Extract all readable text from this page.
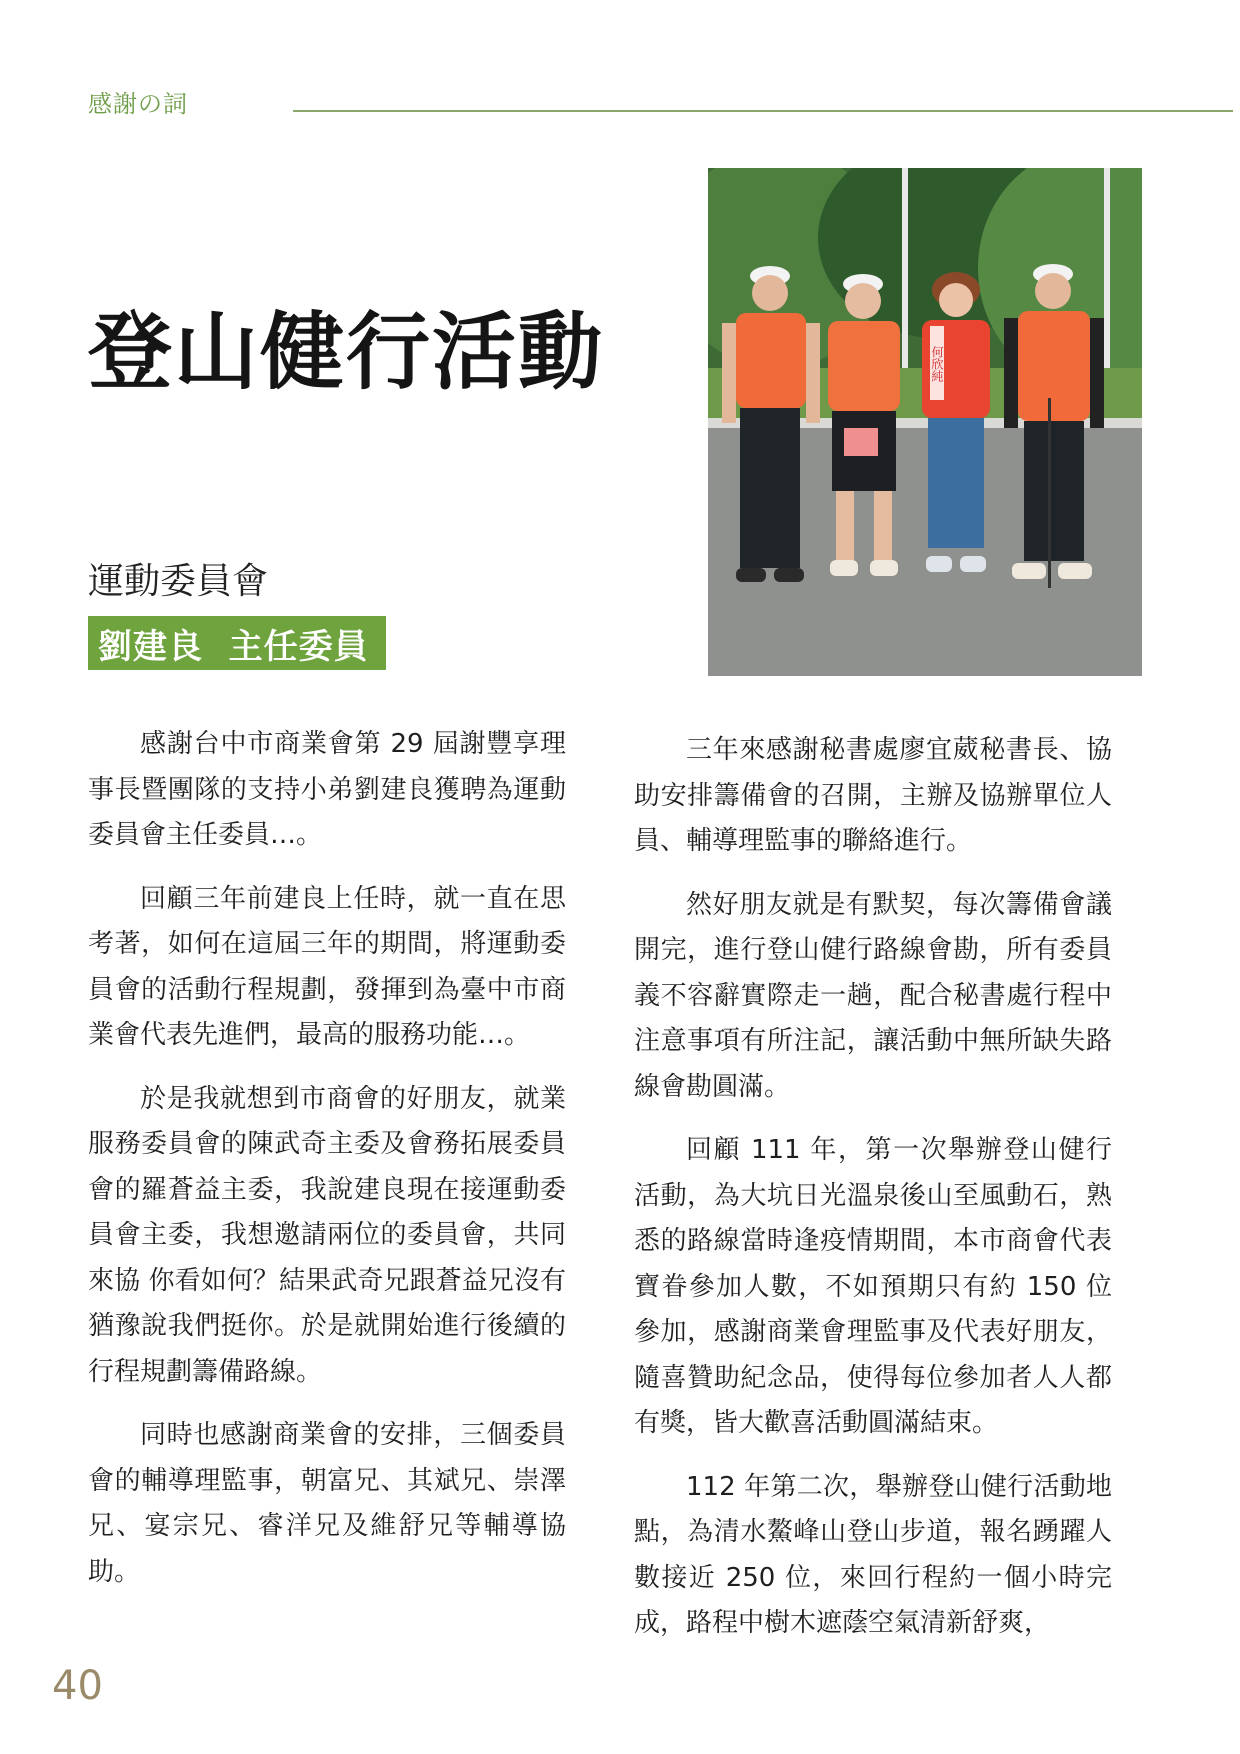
感謝の詞
登山健行活動
運動委員會
劉建良  主任委員
何欣純

感謝台中市商業會第 29 屆謝豐享理事長暨團隊的支持小弟劉建良獲聘為運動委員會主任委員…。

回顧三年前建良上任時，就一直在思考著，如何在這屆三年的期間，將運動委員會的活動行程規劃，發揮到為臺中市商業會代表先進們，最高的服務功能…。

於是我就想到市商會的好朋友，就業服務委員會的陳武奇主委及會務拓展委員會的羅蒼益主委，我說建良現在接運動委員會主委，我想邀請兩位的委員會，共同來協 你看如何？結果武奇兄跟蒼益兄沒有猶豫說我們挺你。於是就開始進行後續的行程規劃籌備路線。

同時也感謝商業會的安排，三個委員會的輔導理監事，朝富兄、其斌兄、崇澤兄、宴宗兄、睿洋兄及維舒兄等輔導協助。

三年來感謝秘書處廖宜葳秘書長、協助安排籌備會的召開，主辦及協辦單位人員、輔導理監事的聯絡進行。

然好朋友就是有默契，每次籌備會議開完，進行登山健行路線會勘，所有委員義不容辭實際走一趟，配合秘書處行程中注意事項有所注記，讓活動中無所缺失路線會勘圓滿。

回顧 111 年，第一次舉辦登山健行活動，為大坑日光溫泉後山至風動石，熟悉的路線當時逢疫情期間，本市商會代表寶眷參加人數，不如預期只有約 150 位參加，感謝商業會理監事及代表好朋友，隨喜贊助紀念品，使得每位參加者人人都有獎，皆大歡喜活動圓滿結束。

112 年第二次，舉辦登山健行活動地點，為清水鰲峰山登山步道，報名踴躍人數接近 250 位，來回行程約一個小時完成，路程中樹木遮蔭空氣清新舒爽，

40
